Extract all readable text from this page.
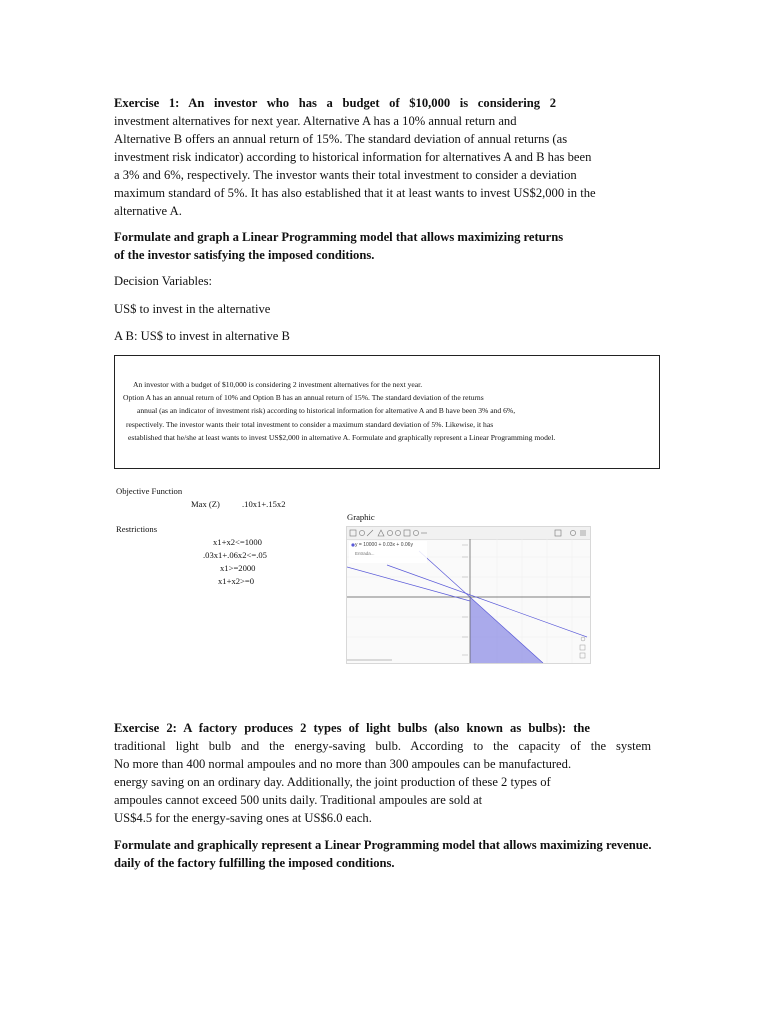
Exercise 1: An investor who has a budget of $10,000 is considering 2

investment alternatives for next year. Alternative A has a 10% annual return and
Alternative B offers an annual return of 15%. The standard deviation of annual returns (as
investment risk indicator) according to historical information for alternatives A and B has been
a 3% and 6%, respectively. The investor wants their total investment to consider a deviation
maximum standard of 5%. It has also established that it at least wants to invest US$2,000 in the
alternative A.
Formulate and graph a Linear Programming model that allows maximizing returns
of the investor satisfying the imposed conditions.

Decision Variables:

US$ to invest in the alternative

A B: US$ to invest in alternative B

An investor with a budget of $10,000 is considering 2 investment alternatives for the next year.
Option A has an annual return of 10% and Option B has an annual return of 15%. The standard deviation of the returns
annual (as an indicator of investment risk) according to historical information for alternative A and B have been 3% and 6%,
respectively. The investor wants their total investment to consider a maximum standard deviation of 5%. Likewise, it has
established that he/she at least wants to invest US$2,000 in alternative A. Formulate and graphically represent a Linear Programming model.
Objective Function
Max (Z)	.10x1+.15x2
Restrictions
x1+x2<=1000
.03x1+.06x2<=.05
x1>=2000
x1+x2>=0
Graphic
y = 10000 + 0.03x + 0.06y
Entrada...

Exercise 2: A factory produces 2 types of light bulbs (also known as bulbs): the

traditional light bulb and the energy-saving bulb. According to the capacity of the system
No more than 400 normal ampoules and no more than 300 ampoules can be manufactured.
energy saving on an ordinary day. Additionally, the joint production of these 2 types of
ampoules cannot exceed 500 units daily. Traditional ampoules are sold at
US$4.5 for the energy-saving ones at US$6.0 each.
Formulate and graphically represent a Linear Programming model that allows maximizing revenue.
daily of the factory fulfilling the imposed conditions.
